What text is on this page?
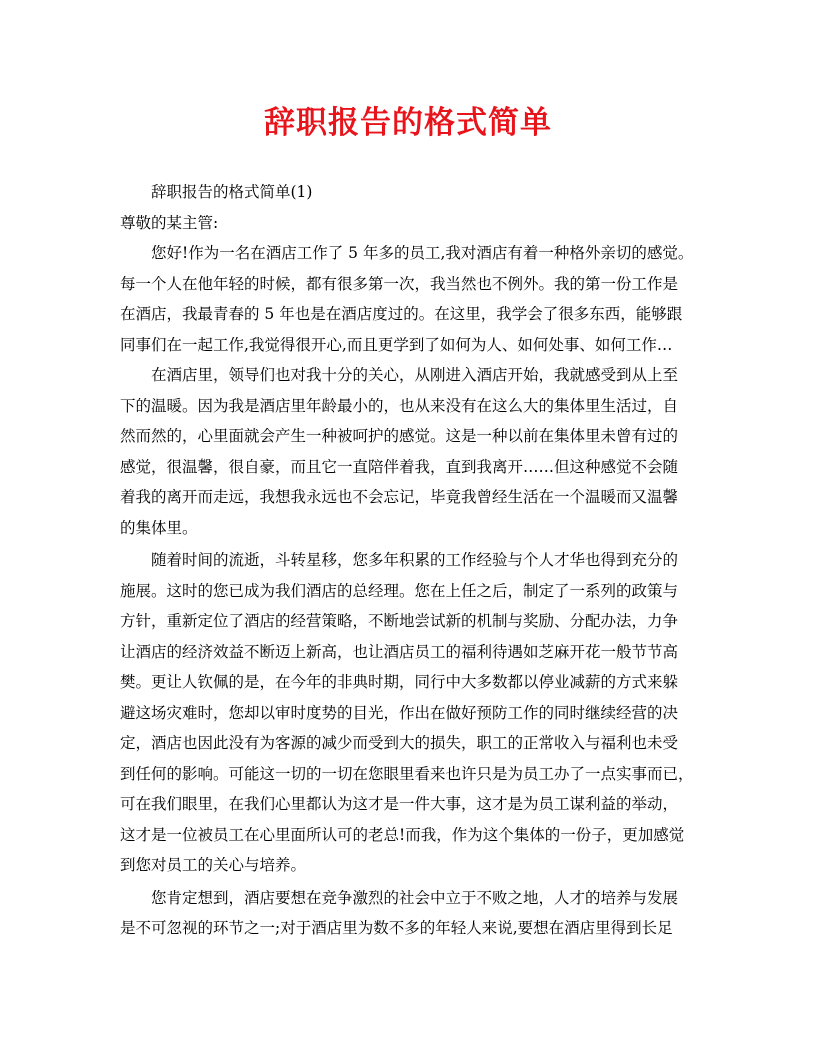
辞职报告的格式简单
辞职报告的格式简单(1)
尊敬的某主管:
您好!作为一名在酒店工作了 5 年多的员工,我对酒店有着一种格外亲切的感觉。
每一个人在他年轻的时候，都有很多第一次，我当然也不例外。我的第一份工作是
在酒店，我最青春的 5 年也是在酒店度过的。在这里，我学会了很多东西，能够跟
同事们在一起工作,我觉得很开心,而且更学到了如何为人、如何处事、如何工作…
在酒店里，领导们也对我十分的关心，从刚进入酒店开始，我就感受到从上至
下的温暖。因为我是酒店里年龄最小的，也从来没有在这么大的集体里生活过，自
然而然的，心里面就会产生一种被呵护的感觉。这是一种以前在集体里未曾有过的
感觉，很温馨，很自豪，而且它一直陪伴着我，直到我离开……但这种感觉不会随
着我的离开而走远，我想我永远也不会忘记，毕竟我曾经生活在一个温暖而又温馨
的集体里。
随着时间的流逝，斗转星移，您多年积累的工作经验与个人才华也得到充分的
施展。这时的您已成为我们酒店的总经理。您在上任之后，制定了一系列的政策与
方针，重新定位了酒店的经营策略，不断地尝试新的机制与奖励、分配办法，力争
让酒店的经济效益不断迈上新高，也让酒店员工的福利待遇如芝麻开花一般节节高
樊。更让人钦佩的是，在今年的非典时期，同行中大多数都以停业减薪的方式来躲
避这场灾难时，您却以审时度势的目光，作出在做好预防工作的同时继续经营的决
定，酒店也因此没有为客源的减少而受到大的损失，职工的正常收入与福利也未受
到任何的影响。可能这一切的一切在您眼里看来也许只是为员工办了一点实事而已，
可在我们眼里，在我们心里都认为这才是一件大事，这才是为员工谋利益的举动，
这才是一位被员工在心里面所认可的老总!而我，作为这个集体的一份子，更加感觉
到您对员工的关心与培养。
您肯定想到，酒店要想在竞争激烈的社会中立于不败之地，人才的培养与发展
是不可忽视的环节之一;对于酒店里为数不多的年轻人来说,要想在酒店里得到长足
